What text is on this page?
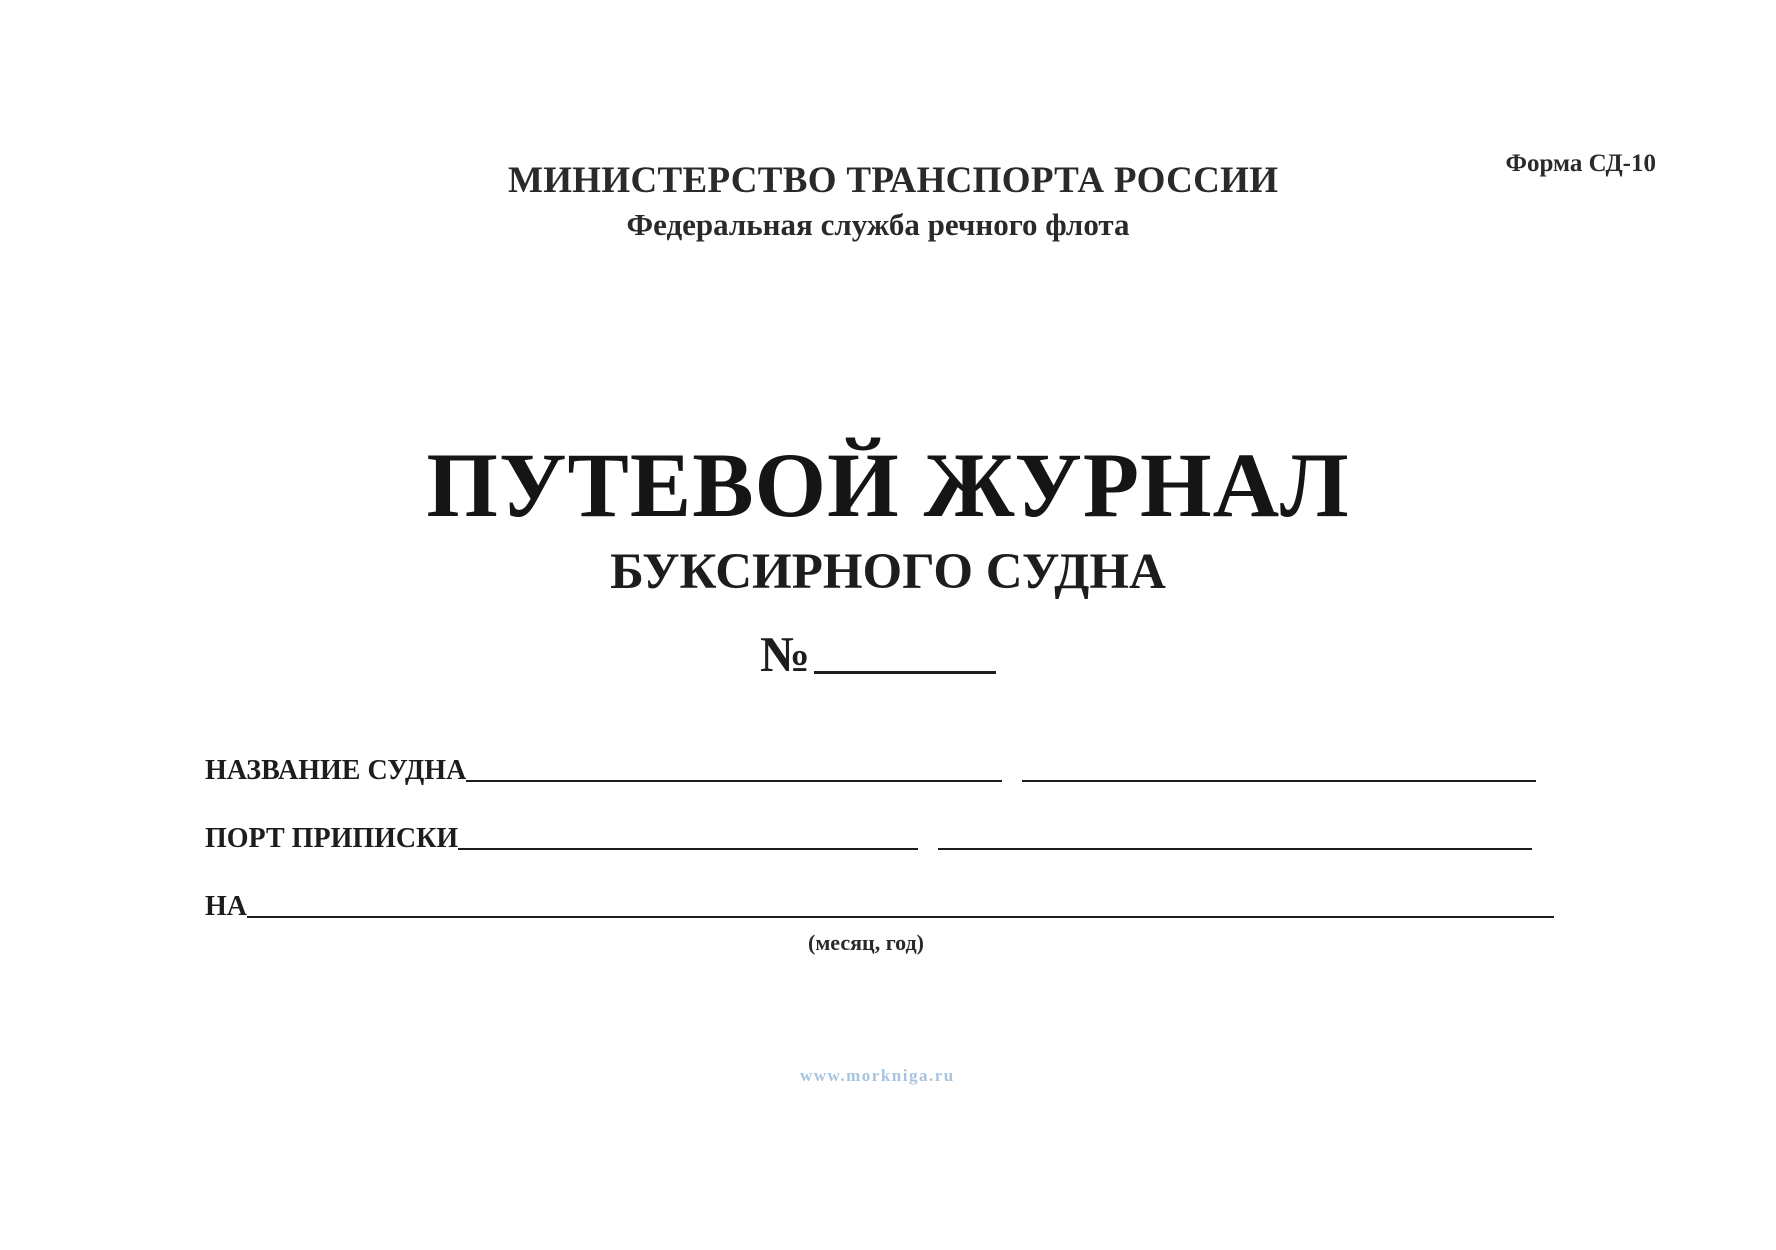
Форма СД-10
МИНИСТЕРСТВО ТРАНСПОРТА РОССИИ
Федеральная служба речного флота
ПУТЕВОЙ ЖУРНАЛ
БУКСИРНОГО СУДНА
№
НАЗВАНИЕ СУДНА
ПОРТ ПРИПИСКИ
НА
(месяц, год)
www.morkniga.ru
